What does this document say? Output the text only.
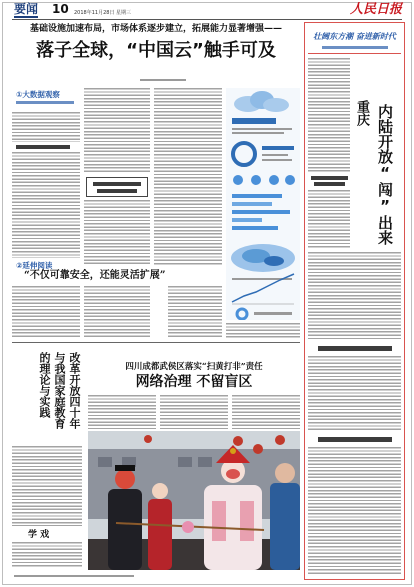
要闻 10 2018年11月28日 星期三	人民日报
基础设施加速布局，市场体系逐步建立，拓展能力显著增强——
落子全球，“中国云”触手可及
①大数据观察
②延伸阅读
“不仅可靠安全，还能灵活扩展”
壮阔东方潮 奋进新时代
重庆 内陆开放“闯”出来
改革开放四十年与我国家庭教育的理论与实践
学 戏
四川成都武侯区落实“扫黄打非”责任
网络治理 不留盲区
